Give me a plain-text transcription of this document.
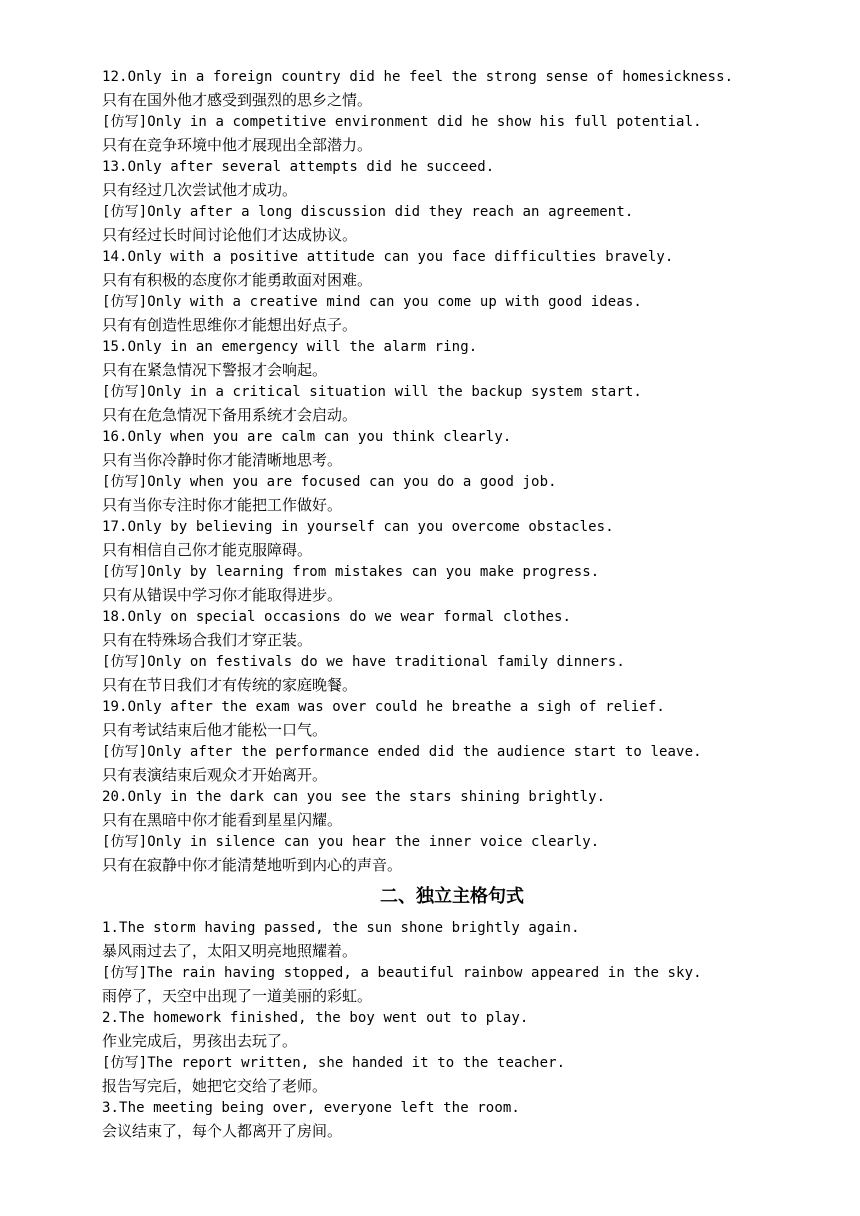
12.Only in a foreign country did he feel the strong sense of homesickness.
只有在国外他才感受到强烈的思乡之情。
[仿写]Only in a competitive environment did he show his full potential.
只有在竞争环境中他才展现出全部潜力。
13.Only after several attempts did he succeed.
只有经过几次尝试他才成功。
[仿写]Only after a long discussion did they reach an agreement.
只有经过长时间讨论他们才达成协议。
14.Only with a positive attitude can you face difficulties bravely.
只有有积极的态度你才能勇敢面对困难。
[仿写]Only with a creative mind can you come up with good ideas.
只有有创造性思维你才能想出好点子。
15.Only in an emergency will the alarm ring.
只有在紧急情况下警报才会响起。
[仿写]Only in a critical situation will the backup system start.
只有在危急情况下备用系统才会启动。
16.Only when you are calm can you think clearly.
只有当你冷静时你才能清晰地思考。
[仿写]Only when you are focused can you do a good job.
只有当你专注时你才能把工作做好。
17.Only by believing in yourself can you overcome obstacles.
只有相信自己你才能克服障碍。
[仿写]Only by learning from mistakes can you make progress.
只有从错误中学习你才能取得进步。
18.Only on special occasions do we wear formal clothes.
只有在特殊场合我们才穿正装。
[仿写]Only on festivals do we have traditional family dinners.
只有在节日我们才有传统的家庭晚餐。
19.Only after the exam was over could he breathe a sigh of relief.
只有考试结束后他才能松一口气。
[仿写]Only after the performance ended did the audience start to leave.
只有表演结束后观众才开始离开。
20.Only in the dark can you see the stars shining brightly.
只有在黑暗中你才能看到星星闪耀。
[仿写]Only in silence can you hear the inner voice clearly.
只有在寂静中你才能清楚地听到内心的声音。
二、独立主格句式
1.The storm having passed, the sun shone brightly again.
暴风雨过去了，太阳又明亮地照耀着。
[仿写]The rain having stopped, a beautiful rainbow appeared in the sky.
雨停了，天空中出现了一道美丽的彩虹。
2.The homework finished, the boy went out to play.
作业完成后，男孩出去玩了。
[仿写]The report written, she handed it to the teacher.
报告写完后，她把它交给了老师。
3.The meeting being over, everyone left the room.
会议结束了，每个人都离开了房间。
